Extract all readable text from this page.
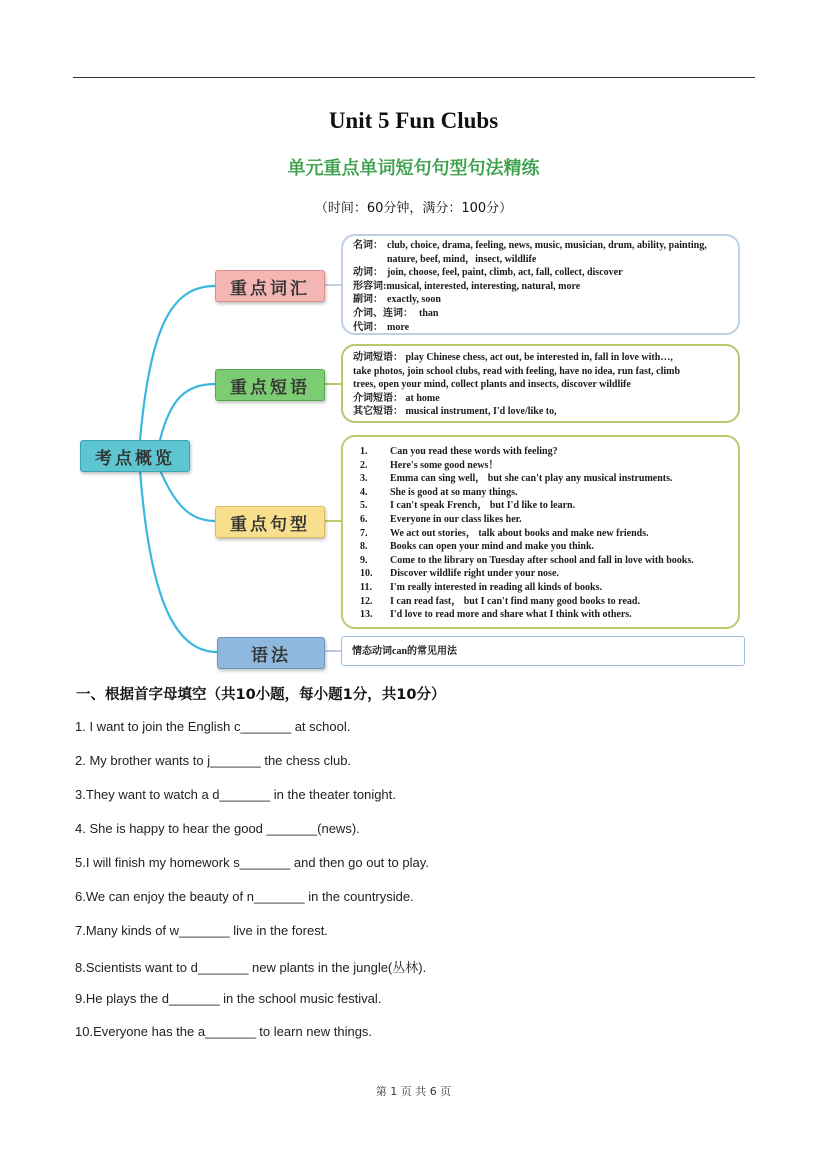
Unit 5 Fun Clubs
单元重点单词短句句型句法精练
（时间：60分钟，满分：100分）
考点概览
重点词汇
重点短语
重点句型
语法
名词： club, choice, drama, feeling, news, music, musician, drum, ability, painting, nature, beef, mind，insect, wildlife
动词： join, choose, feel, paint, climb, act, fall, collect, discover
形容词: musical, interested, interesting, natural, more
副词： exactly, soon
介词、连词： than
代词： more
动词短语： play Chinese chess, act out, be interested in, fall in love with…,
take photos, join school clubs, read with feeling, have no idea, run fast, climb
trees, open your mind, collect plants and insects, discover wildlife
介词短语： at home
其它短语： musical instrument, I'd love/like to,
1.	Can you read these words with feeling?
2.	Here's some good news！
3.	Emma can sing well， but she can't play any musical instruments.
4.	She is good at so many things.
5.	I can't speak French， but I'd like to learn.
6.	Everyone in our class likes her.
7.	We act out stories， talk about books and make new friends.
8.	Books can open your mind and make you think.
9.	Come to the library on Tuesday after school and fall in love with books.
10.	Discover wildlife right under your nose.
11.	I'm really interested in reading all kinds of books.
12.	I can read fast， but I can't find many good books to read.
13.	I'd love to read more and share what I think with others.
情态动词can的常见用法
一、根据首字母填空（共10小题，每小题1分，共10分）
1. I want to join the English c_______ at school.
2. My brother wants to j_______ the chess club.
3.They want to watch a d_______ in the theater tonight.
4. She is happy to hear the good _______(news).
5.I will finish my homework s_______ and then go out to play.
6.We can enjoy the beauty of n_______ in the countryside.
7.Many kinds of w_______ live in the forest.
8.Scientists want to d_______ new plants in the jungle(丛林).
9.He plays the d_______ in the school music festival.
10.Everyone has the a_______ to learn new things.
第 1 页 共 6 页
